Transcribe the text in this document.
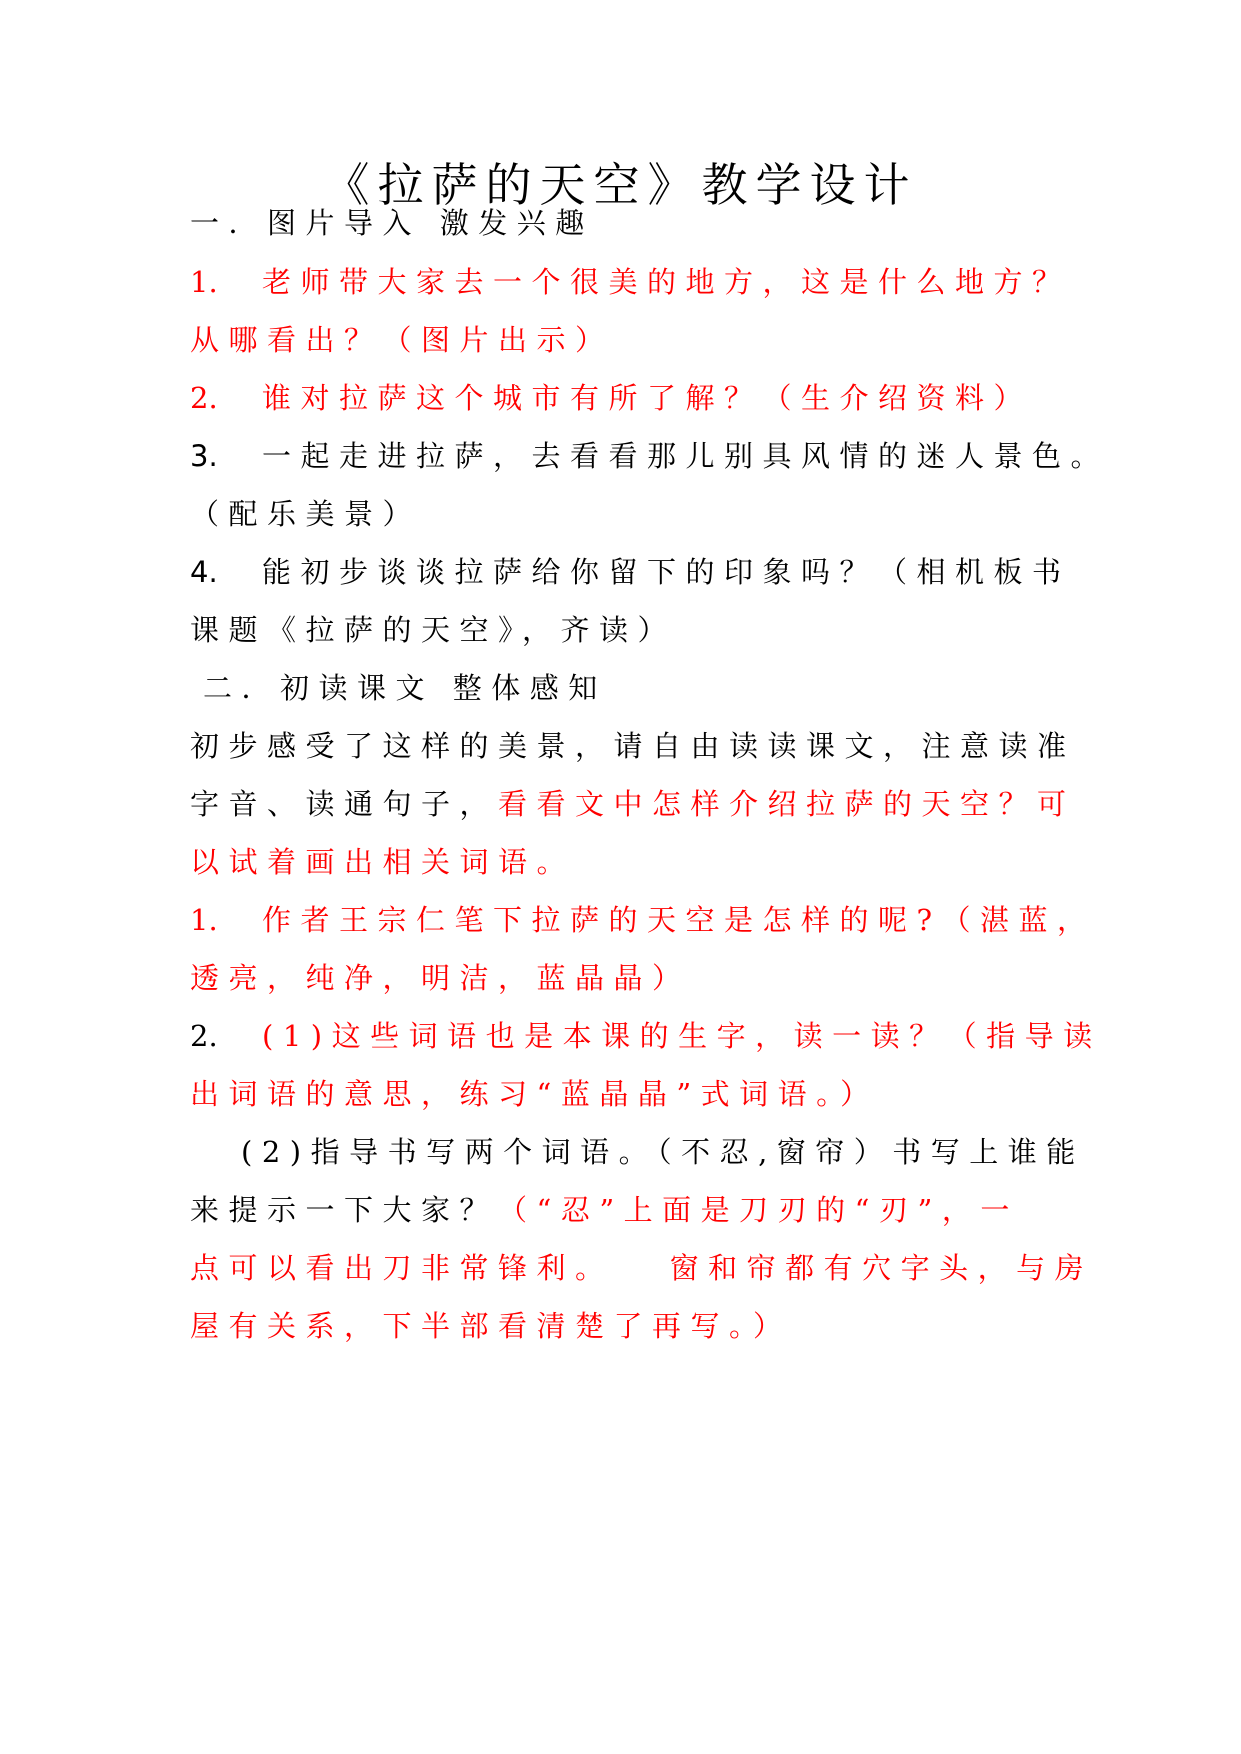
《拉萨的天空》教学设计
一．图片导入 激发兴趣
1. 老师带大家去一个很美的地方，这是什么地方？
从哪看出？（图片出示）
2. 谁对拉萨这个城市有所了解？（生介绍资料）
3. 一起走进拉萨，去看看那儿别具风情的迷人景色。
（配乐美景）
4. 能初步谈谈拉萨给你留下的印象吗？（相机板书
课题《拉萨的天空》，齐读）
二．初读课文 整体感知
初步感受了这样的美景，请自由读读课文，注意读准
字音、读通句子，看看文中怎样介绍拉萨的天空？可
以试着画出相关词语。
1. 作者王宗仁笔下拉萨的天空是怎样的呢?（湛蓝，
透亮，纯净，明洁，蓝晶晶）
2. (1)这些词语也是本课的生字，读一读？（指导读
出词语的意思，练习“蓝晶晶”式词语。）
(2)指导书写两个词语。（不忍,窗帘）书写上谁能
来提示一下大家？（“忍”上面是刀刃的“刃”，一
点可以看出刀非常锋利。   窗和帘都有穴字头，与房
屋有关系，下半部看清楚了再写。）
